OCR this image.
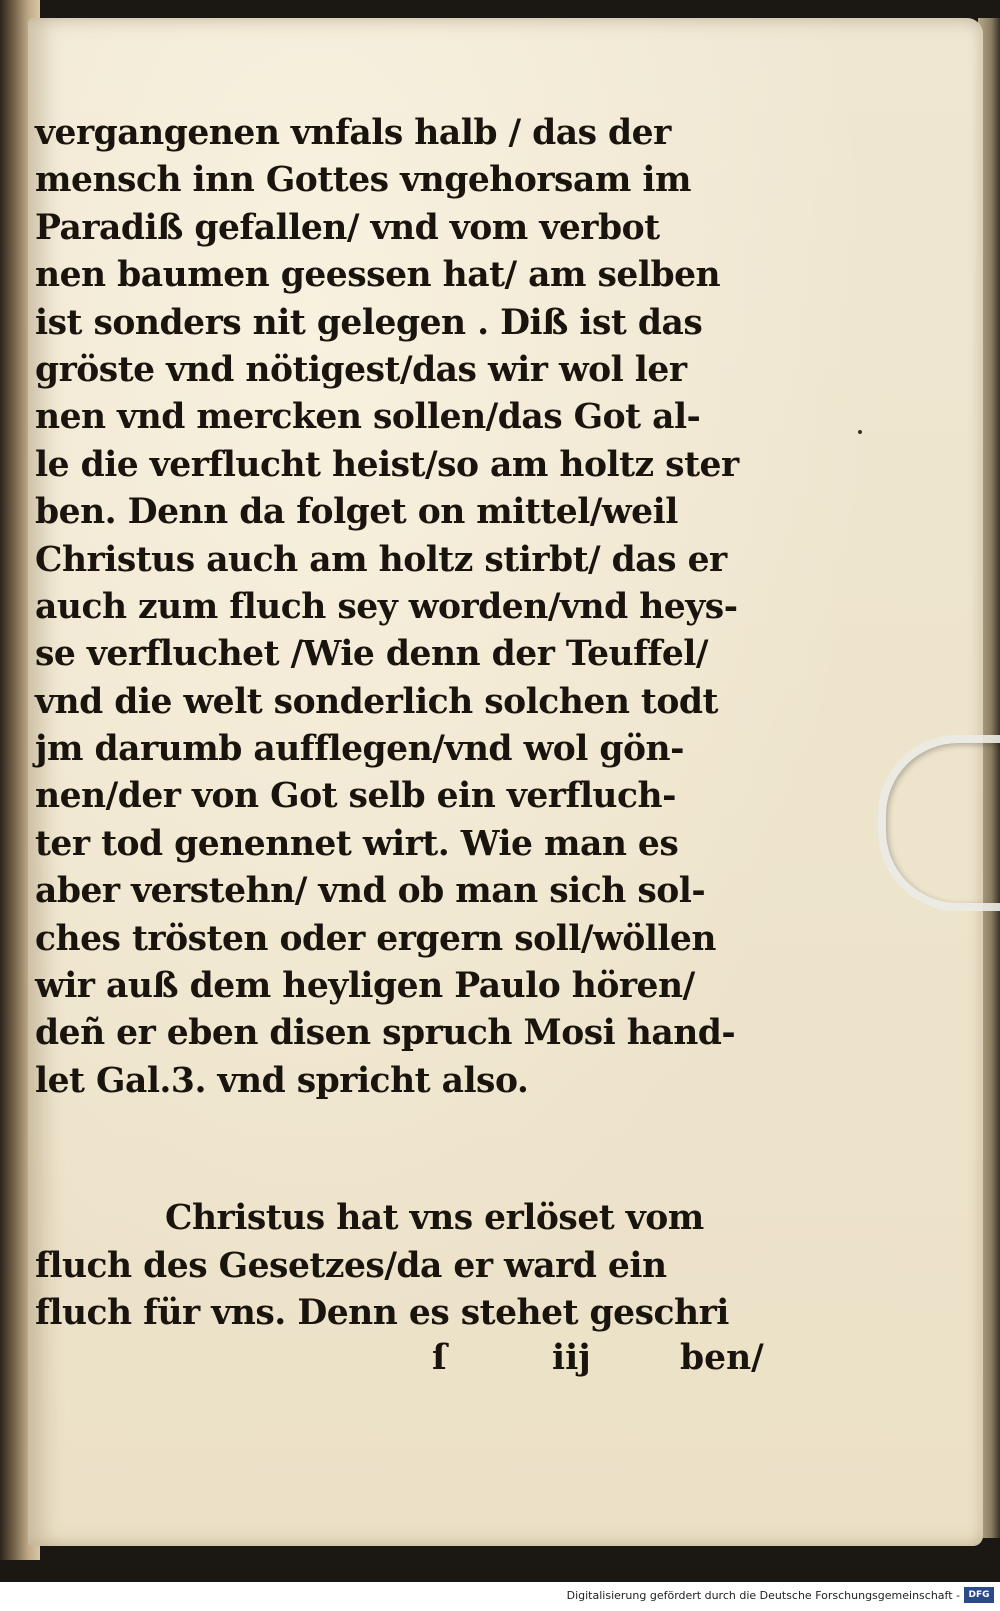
vergangenen vnfals halb / das der
mensch inn Gottes vngehorsam im
Paradiß gefallen/ vnd vom verbot
nen baumen geessen hat/ am selben
ist sonders nit gelegen . Diß ist das
gröste vnd nötigest/das wir wol ler
nen vnd mercken sollen/das Got al-
le die verflucht heist/so am holtz ster
ben. Denn da folget on mittel/weil
Christus auch am holtz stirbt/ das er
auch zum fluch sey worden/vnd heys-
se verfluchet /Wie denn der Teuffel/
vnd die welt sonderlich solchen todt
jm darumb aufflegen/vnd wol gön-
nen/der von Got selb ein verfluch-
ter tod genennet wirt. Wie man es
aber verstehn/ vnd ob man sich sol-
ches trösten oder ergern soll/wöllen
wir auß dem heyligen Paulo hören/
deñ er eben disen spruch Mosi hand-
let Gal.3. vnd spricht also.
Christus hat vns erlöset vom
fluch des Gesetzes/da er ward ein
fluch für vns. Denn es stehet geschri
ſ	iij	ben/
Digitalisierung gefördert durch die Deutsche Forschungsgemeinschaft - DFG
